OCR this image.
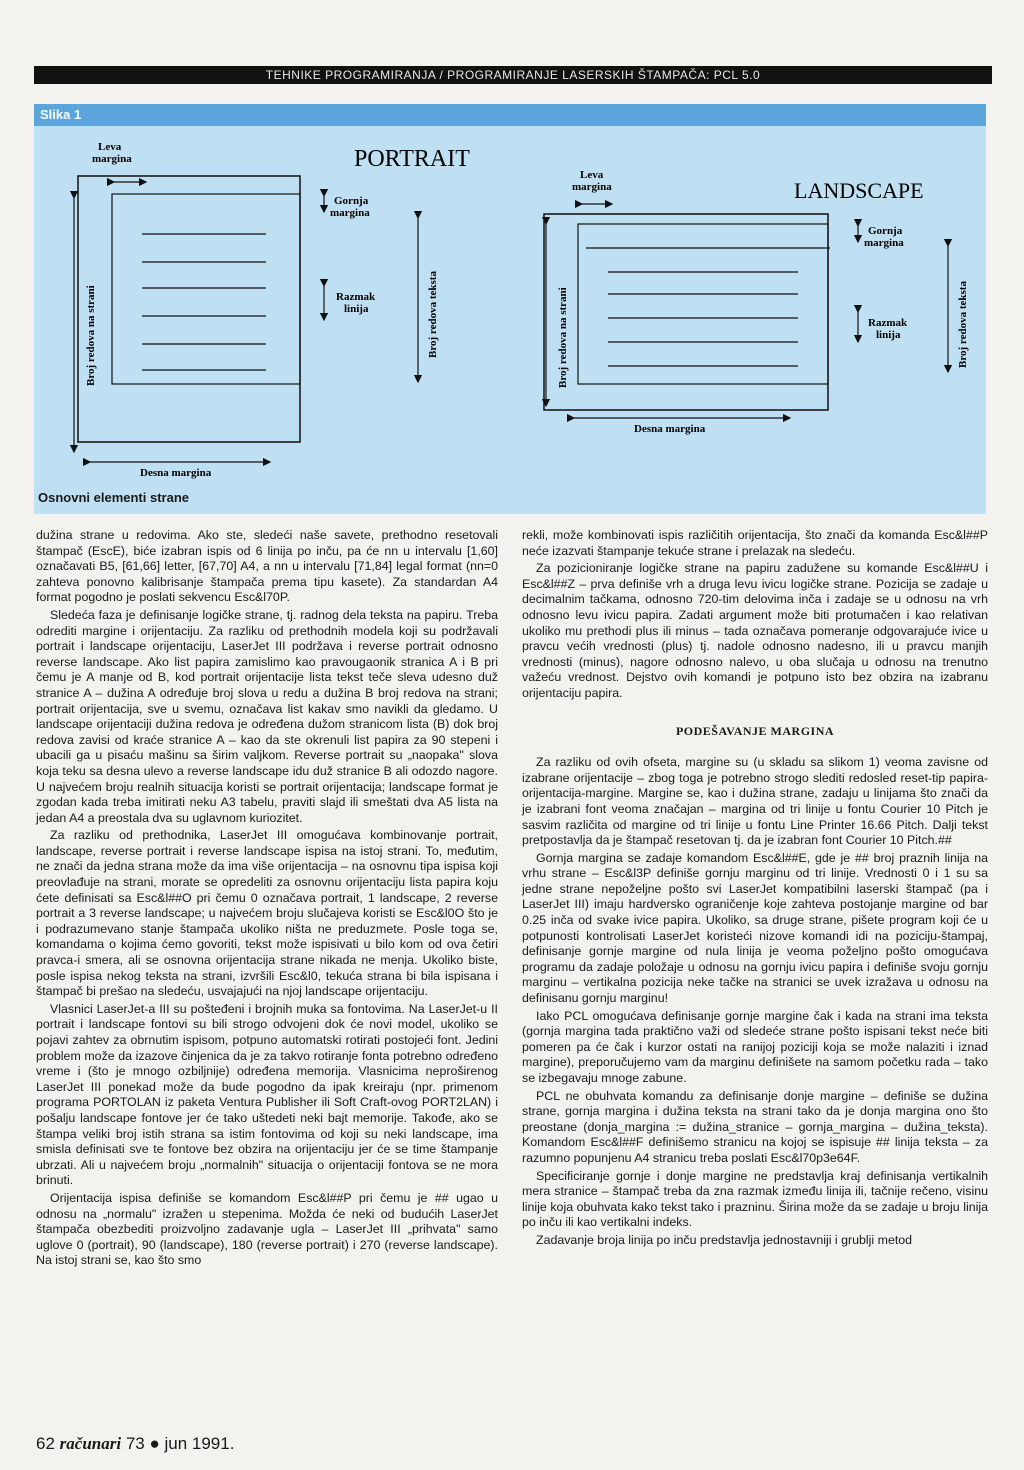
TEHNIKE PROGRAMIRANJA / PROGRAMIRANJE LASERSKIH ŠTAMPAČA: PCL 5.0
Slika 1
Leva margina	PORTRAIT
Gornja margina
Razmak linija
Broj redova na strani	Broj redova teksta
Desna margina
Leva margina	LANDSCAPE
Gornja margina
Razmak linija
Broj redova na strani	Broj redova teksta
Desna margina
Osnovni elementi strane

dužina strane u redovima. Ako ste, sledeći naše savete, prethodno resetovali štampač (EscE), biće izabran ispis od 6 linija po inču, pa će nn u intervalu [1,60] označavati B5, [61,66] letter, [67,70] A4, a nn u intervalu [71,84] legal format (nn=0 zahteva ponovno kalibrisanje štampača prema tipu kasete). Za standardan A4 format pogodno je poslati sekvencu Esc&l70P.

Sledeća faza je definisanje logičke strane, tj. radnog dela teksta na papiru. Treba odrediti margine i orijentaciju. Za razliku od prethodnih modela koji su podržavali portrait i landscape orijentaciju, LaserJet III podržava i reverse portrait odnosno reverse landscape. Ako list papira zamislimo kao pravougaonik stranica A i B pri čemu je A manje od B, kod portrait orijentacije lista tekst teče sleva udesno duž stranice A – dužina A određuje broj slova u redu a dužina B broj redova na strani; portrait orijentacija, sve u svemu, označava list kakav smo navikli da gledamo. U landscape orijentaciji dužina redova je određena dužom stranicom lista (B) dok broj redova zavisi od kraće stranice A – kao da ste okrenuli list papira za 90 stepeni i ubacili ga u pisaću mašinu sa širim valjkom. Reverse portrait su „naopaka" slova koja teku sa desna ulevo a reverse landscape idu duž stranice B ali odozdo nagore. U najvećem broju realnih situacija koristi se portrait orijentacija; landscape format je zgodan kada treba imitirati neku A3 tabelu, praviti slajd ili smeštati dva A5 lista na jedan A4 a preostala dva su uglavnom kuriozitet.

Za razliku od prethodnika, LaserJet III omogućava kombinovanje portrait, landscape, reverse portrait i reverse landscape ispisa na istoj strani. To, međutim, ne znači da jedna strana može da ima više orijentacija – na osnovnu tipa ispisa koji preovlađuje na strani, morate se opredeliti za osnovnu orijentaciju lista papira koju ćete definisati sa Esc&l##O pri čemu 0 označava portrait, 1 landscape, 2 reverse portrait a 3 reverse landscape; u najvećem broju slučajeva koristi se Esc&l0O što je i podrazumevano stanje štampača ukoliko ništa ne preduzmete. Posle toga se, komandama o kojima ćemo govoriti, tekst može ispisivati u bilo kom od ova četiri pravca-i smera, ali se osnovna orijentacija strane nikada ne menja. Ukoliko biste, posle ispisa nekog teksta na strani, izvršili Esc&l0, tekuća strana bi bila ispisana i štampač bi prešao na sledeću, usvajajući na njoj landscape orijentaciju.

Vlasnici LaserJet-a III su pošteđeni i brojnih muka sa fontovima. Na LaserJet-u II portrait i landscape fontovi su bili strogo odvojeni dok će novi model, ukoliko se pojavi zahtev za obrnutim ispisom, potpuno automatski rotirati postojeći font. Jedini problem može da izazove činjenica da je za takvo rotiranje fonta potrebno određeno vreme i (što je mnogo ozbiljnije) određena memorija. Vlasnicima neproširenog LaserJet III ponekad može da bude pogodno da ipak kreiraju (npr. primenom programa PORTOLAN iz paketa Ventura Publisher ili Soft Craft-ovog PORT2LAN) i pošalju landscape fontove jer će tako uštedeti neki bajt memorije. Takođe, ako se štampa veliki broj istih strana sa istim fontovima od koji su neki landscape, ima smisla definisati sve te fontove bez obzira na orijentaciju jer će se time štampanje ubrzati. Ali u najvećem broju „normalnih" situacija o orijentaciji fontova se ne mora brinuti.

Orijentacija ispisa definiše se komandom Esc&l##P pri čemu je ## ugao u odnosu na „normalu" izražen u stepenima. Možda će neki od budućih LaserJet štampača obezbediti proizvoljno zadavanje ugla – LaserJet III „prihvata" samo uglove 0 (portrait), 90 (landscape), 180 (reverse portrait) i 270 (reverse landscape). Na istoj strani se, kao što smo

rekli, može kombinovati ispis različitih orijentacija, što znači da komanda Esc&l##P neće izazvati štampanje tekuće strane i prelazak na sledeću.

Za pozicioniranje logičke strane na papiru zadužene su komande Esc&l##U i Esc&l##Z – prva definiše vrh a druga levu ivicu logičke strane. Pozicija se zadaje u decimalnim tačkama, odnosno 720-tim delovima inča i zadaje se u odnosu na vrh odnosno levu ivicu papira. Zadati argument može biti protumačen i kao relativan ukoliko mu prethodi plus ili minus – tada označava pomeranje odgovarajuće ivice u pravcu većih vrednosti (plus) tj. nadole odnosno nadesno, ili u pravcu manjih vrednosti (minus), nagore odnosno nalevo, u oba slučaja u odnosu na trenutno važeću vrednost. Dejstvo ovih komandi je potpuno isto bez obzira na izabranu orijentaciju papira.

PODEŠAVANJE MARGINA

Za razliku od ovih ofseta, margine su (u skladu sa slikom 1) veoma zavisne od izabrane orijentacije – zbog toga je potrebno strogo slediti redosled reset-tip papira-orijentacija-margine. Margine se, kao i dužina strane, zadaju u linijama što znači da je izabrani font veoma značajan – margina od tri linije u fontu Courier 10 Pitch je sasvim različita od margine od tri linije u fontu Line Printer 16.66 Pitch. Dalji tekst pretpostavlja da je štampač resetovan tj. da je izabran font Courier 10 Pitch.##

Gornja margina se zadaje komandom Esc&l##E, gde je ## broj praznih linija na vrhu strane – Esc&l3P definiše gornju marginu od tri linije. Vrednosti 0 i 1 su sa jedne strane nepoželjne pošto svi LaserJet kompatibilni laserski štampač (pa i LaserJet III) imaju hardversko ograničenje koje zahteva postojanje margine od bar 0.25 inča od svake ivice papira. Ukoliko, sa druge strane, pišete program koji će u potpunosti kontrolisati LaserJet koristeći nizove komandi idi na poziciju-štampaj, definisanje gornje margine od nula linija je veoma poželjno pošto omogućava programu da zadaje položaje u odnosu na gornju ivicu papira i definiše svoju gornju marginu – vertikalna pozicija neke tačke na stranici se uvek izražava u odnosu na definisanu gornju marginu!

Iako PCL omogućava definisanje gornje margine čak i kada na strani ima teksta (gornja margina tada praktično važi od sledeće strane pošto ispisani tekst neće biti pomeren pa će čak i kurzor ostati na ranijoj poziciji koja se može nalaziti i iznad margine), preporučujemo vam da marginu definišete na samom početku rada – tako se izbegavaju mnoge zabune.

PCL ne obuhvata komandu za definisanje donje margine – definiše se dužina strane, gornja margina i dužina teksta na strani tako da je donja margina ono što preostane (donja_margina := dužina_stranice – gornja_margina – dužina_teksta). Komandom Esc&l##F definišemo stranicu na kojoj se ispisuje ## linija teksta – za razumno popunjenu A4 stranicu treba poslati Esc&l70p3e64F.

Specificiranje gornje i donje margine ne predstavlja kraj definisanja vertikalnih mera stranice – štampač treba da zna razmak između linija ili, tačnije rečeno, visinu linije koja obuhvata kako tekst tako i prazninu. Širina može da se zadaje u broju linija po inču ili kao vertikalni indeks.

Zadavanje broja linija po inču predstavlja jednostavniji i grublji metod

62 računari 73 ● jun 1991.
